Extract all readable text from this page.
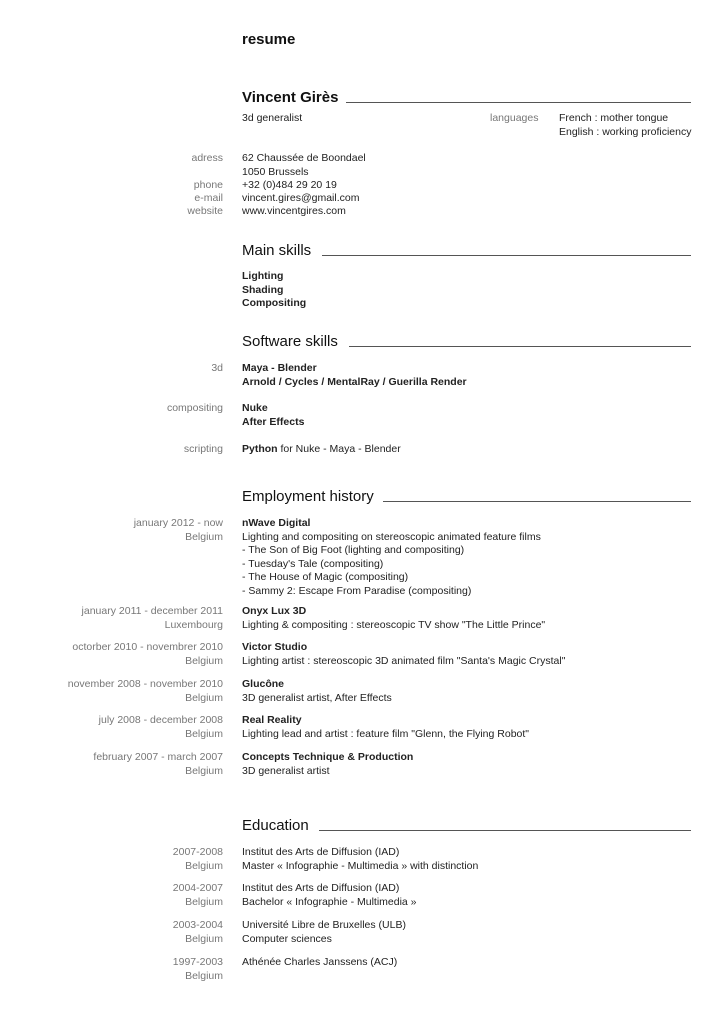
resume
Vincent Girès
3d generalist	languages French : mother tongue
English : working proficiency
adress 62 Chaussée de Boondael
1050 Brussels
phone +32 (0)484 29 20 19
e-mail vincent.gires@gmail.com
website www.vincentgires.com
Main skills
Lighting
Shading
Compositing
Software skills
3d Maya - Blender
Arnold / Cycles / MentalRay / Guerilla Render
compositing Nuke
After Effects
scripting Python for Nuke - Maya - Blender
Employment history
january 2012 - now
Belgium
nWave Digital
Lighting and compositing on stereoscopic animated feature films
- The Son of Big Foot (lighting and compositing)
- Tuesday's Tale (compositing)
- The House of Magic (compositing)
- Sammy 2: Escape From Paradise (compositing)
january 2011 - december 2011
Luxembourg
Onyx Lux 3D
Lighting & compositing : stereoscopic TV show "The Little Prince"
octorber 2010 - novembrer 2010
Belgium
Victor Studio
Lighting artist : stereoscopic 3D animated film "Santa's Magic Crystal"
november 2008 - november 2010
Belgium
Glucône
3D generalist artist, After Effects
july 2008 - december 2008
Belgium
Real Reality
Lighting lead and artist : feature film "Glenn, the Flying Robot"
february 2007 - march 2007
Belgium
Concepts Technique & Production
3D generalist artist
Education
2007-2008
Belgium
Institut des Arts de Diffusion (IAD)
Master « Infographie - Multimedia » with distinction
2004-2007
Belgium
Institut des Arts de Diffusion (IAD)
Bachelor « Infographie - Multimedia »
2003-2004
Belgium
Université Libre de Bruxelles (ULB)
Computer sciences
1997-2003
Belgium
Athénée Charles Janssens (ACJ)
